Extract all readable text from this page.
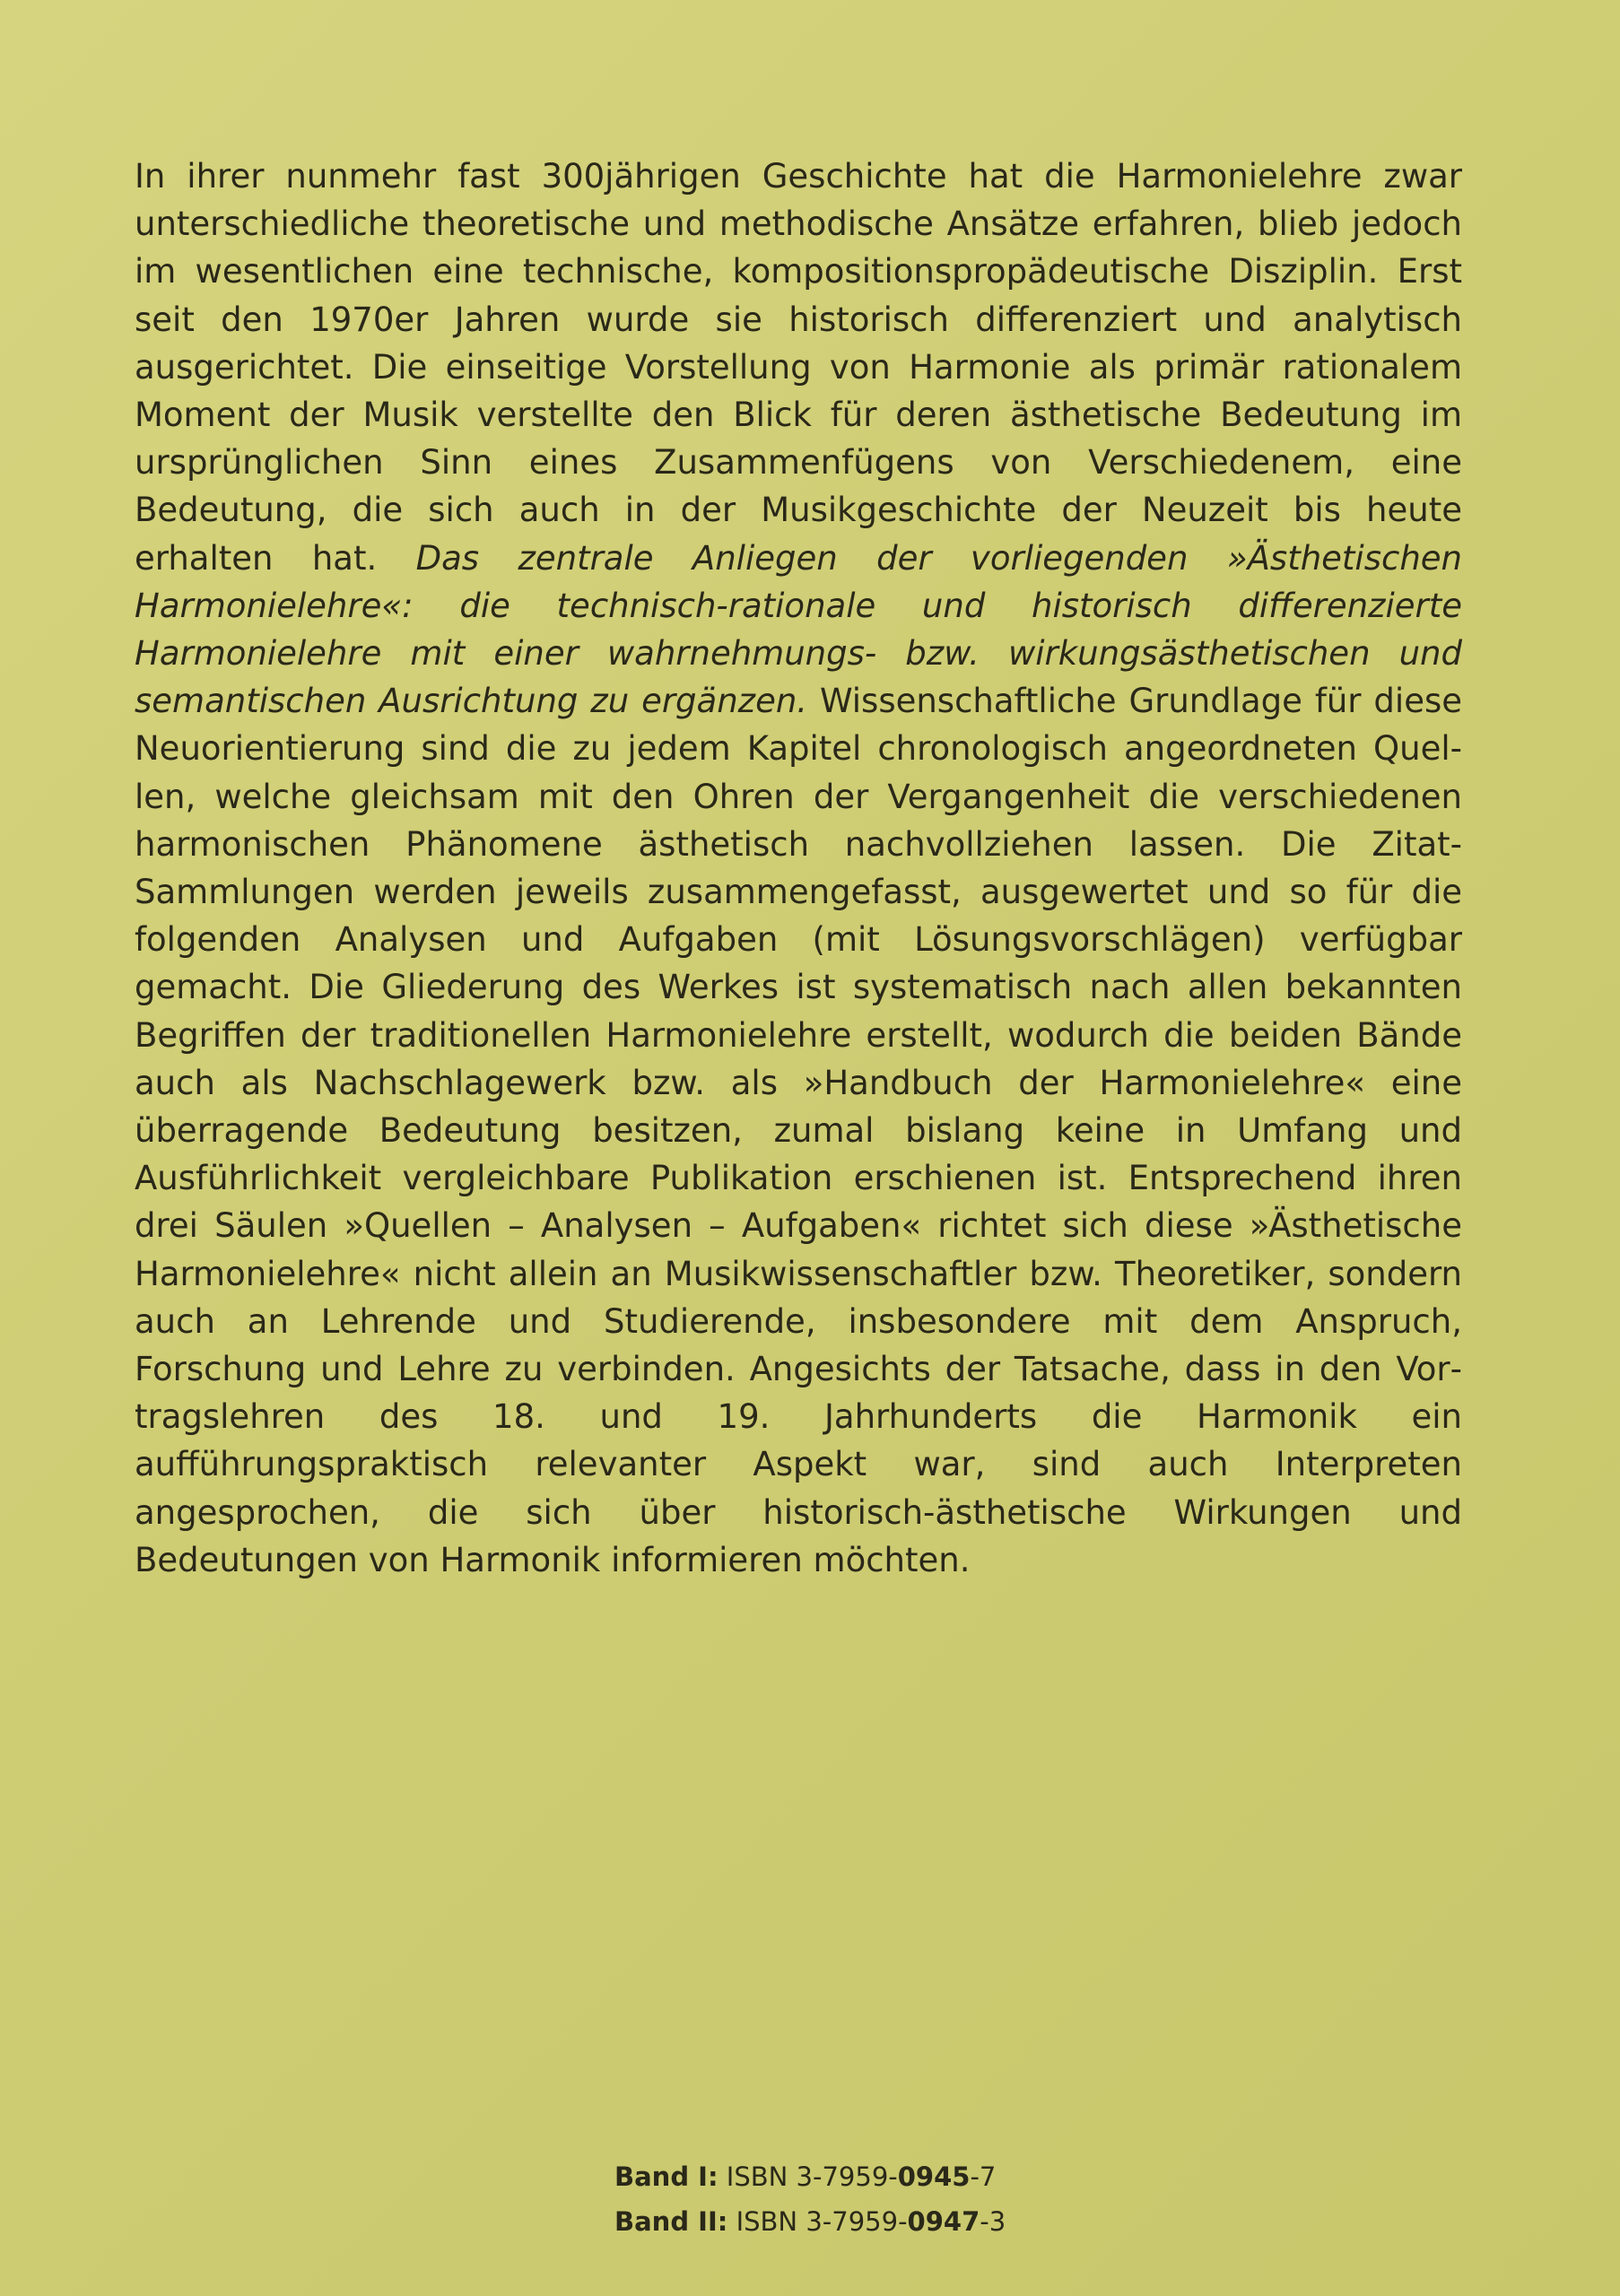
In ihrer nunmehr fast 300jährigen Geschichte hat die Harmonielehre zwar unterschiedliche theoretische und methodische Ansätze erfahren, blieb jedoch im wesentlichen eine technische, kompositionspropädeutische Disziplin. Erst seit den 1970er Jahren wurde sie historisch differenziert und analytisch ausgerichtet. Die einseitige Vorstellung von Harmonie als primär rationalem Moment der Musik verstellte den Blick für deren ästhetische Bedeutung im ursprünglichen Sinn eines Zusammenfügens von Verschiedenem, eine Bedeutung, die sich auch in der Musikgeschichte der Neuzeit bis heute erhalten hat. Das zentrale Anliegen der vorliegenden »Ästhetischen Harmonielehre«: die technisch-rationale und historisch differenzierte Harmonielehre mit einer wahrnehmungs- bzw. wirkungsästhetischen und semantischen Ausrichtung zu ergänzen. Wissenschaftliche Grundlage für diese Neuorientierung sind die zu jedem Kapitel chronologisch angeordneten Quellen, welche gleichsam mit den Ohren der Vergangenheit die verschiedenen harmonischen Phänomene ästhetisch nachvollziehen lassen. Die Zitat-Sammlungen werden jeweils zusammengefasst, ausgewertet und so für die folgenden Analysen und Aufgaben (mit Lösungsvorschlägen) verfügbar gemacht. Die Gliederung des Werkes ist systematisch nach allen bekannten Begriffen der traditionellen Harmonielehre erstellt, wodurch die beiden Bände auch als Nachschlagewerk bzw. als »Handbuch der Harmonielehre« eine überragende Bedeutung besitzen, zumal bislang keine in Umfang und Ausführlichkeit vergleichbare Publikation erschienen ist. Entsprechend ihren drei Säulen »Quellen – Analysen – Aufgaben« richtet sich diese »Ästhetische Harmonielehre« nicht allein an Musikwissenschaftler bzw. Theoretiker, sondern auch an Lehrende und Studierende, insbesondere mit dem Anspruch, Forschung und Lehre zu verbinden. Angesichts der Tatsache, dass in den Vortragslehren des 18. und 19. Jahrhunderts die Harmonik ein aufführungspraktisch relevanter Aspekt war, sind auch Interpreten angesprochen, die sich über historisch-ästhetische Wirkungen und Bedeutungen von Harmonik informieren möchten.

Band I: ISBN 3-7959-0945-7
Band II: ISBN 3-7959-0947-3
